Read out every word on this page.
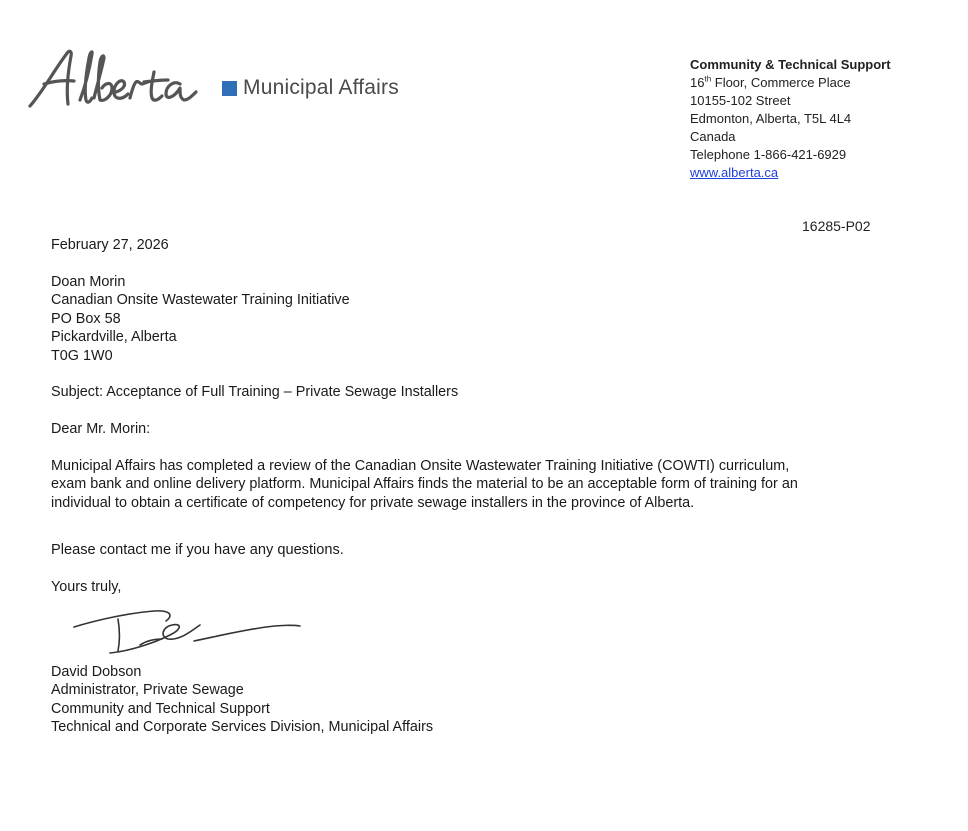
Municipal Affairs
Community & Technical Support
16th Floor, Commerce Place
10155-102 Street
Edmonton, Alberta, T5L 4L4
Canada
Telephone 1-866-421-6929
www.alberta.ca
16285-P02
February 27, 2026
Doan Morin
Canadian Onsite Wastewater Training Initiative
PO Box 58
Pickardville, Alberta
T0G 1W0
Subject: Acceptance of Full Training – Private Sewage Installers
Dear Mr. Morin:
Municipal Affairs has completed a review of the Canadian Onsite Wastewater Training Initiative (COWTI) curriculum,
exam bank and online delivery platform. Municipal Affairs finds the material to be an acceptable form of training for an
individual to obtain a certificate of competency for private sewage installers in the province of Alberta.
Please contact me if you have any questions.
Yours truly,
David Dobson
Administrator, Private Sewage
Community and Technical Support
Technical and Corporate Services Division, Municipal Affairs
